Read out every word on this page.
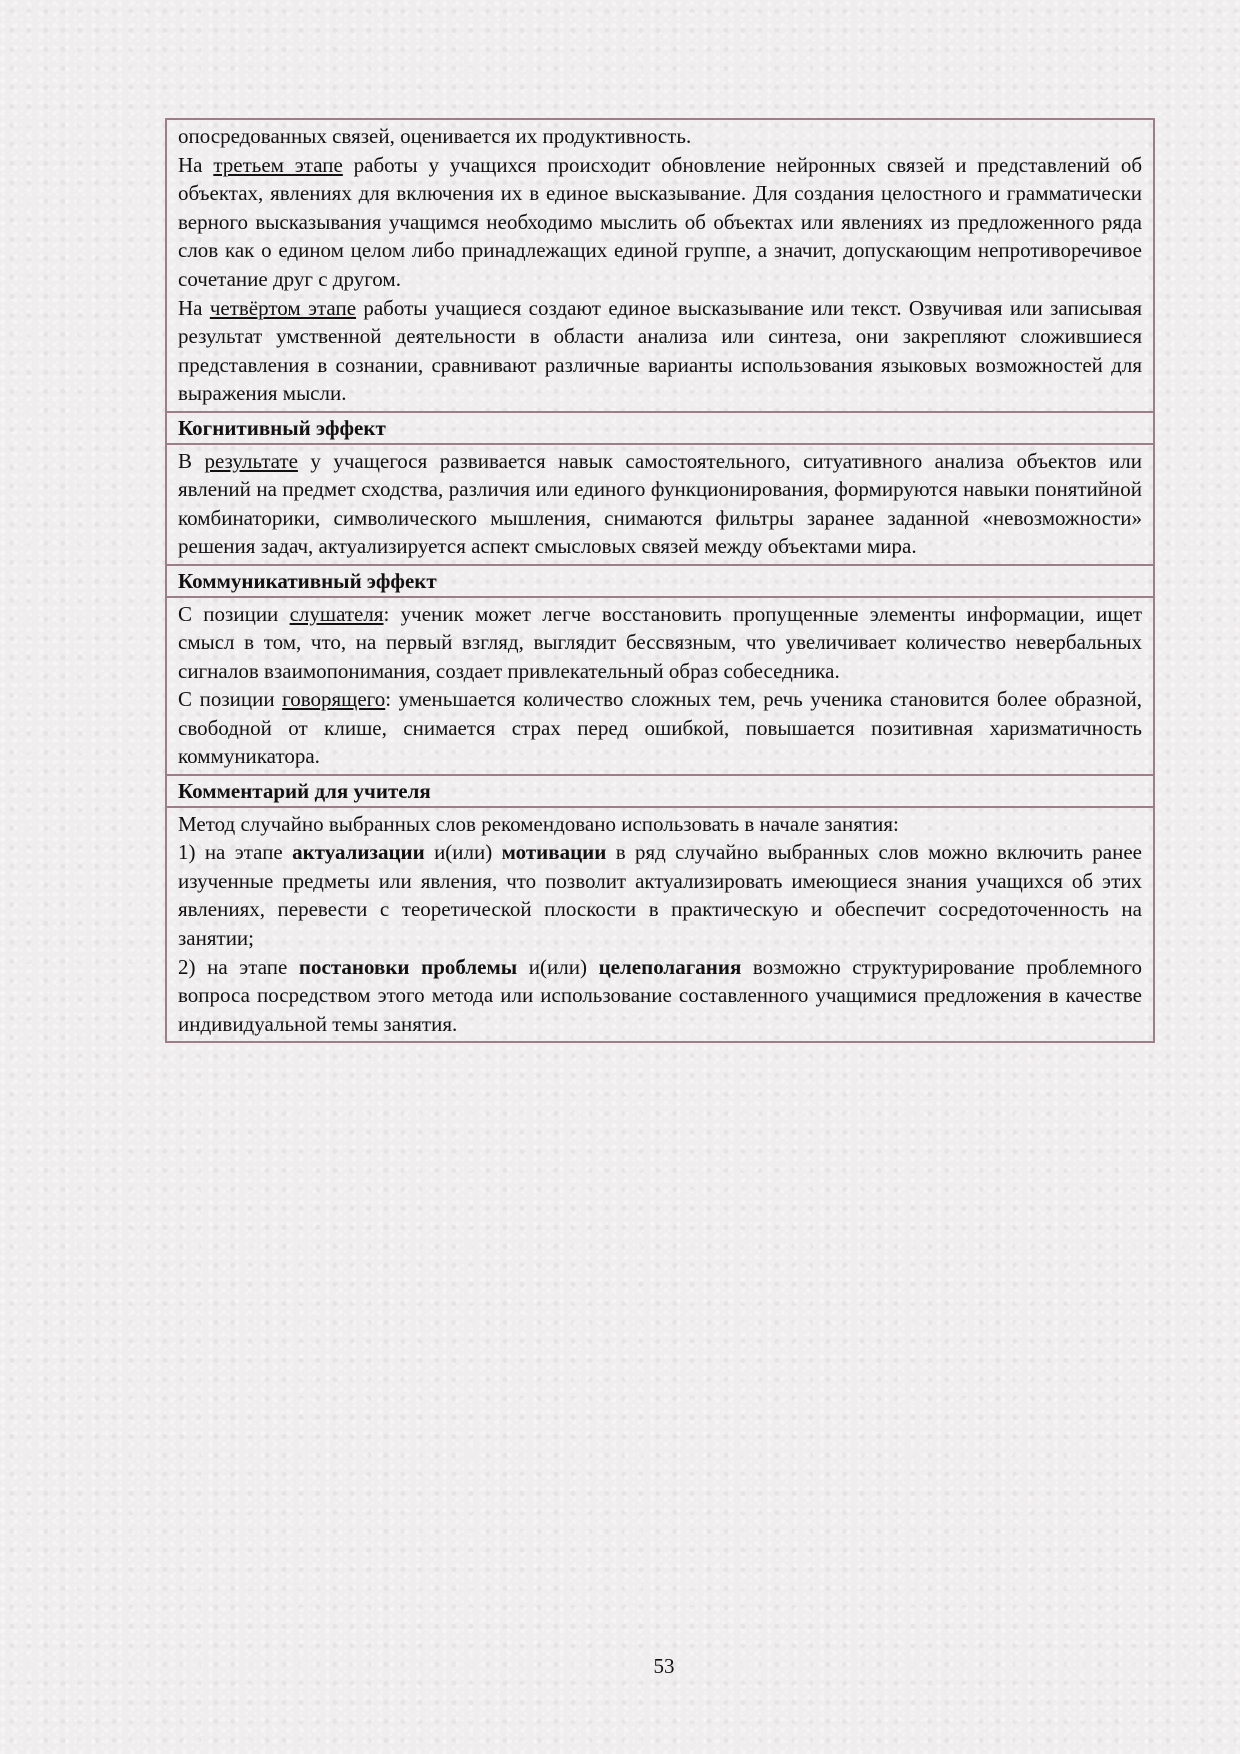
опосредованных связей, оценивается их продуктивность.

На третьем этапе работы у учащихся происходит обновление нейронных связей и представлений об объектах, явлениях для включения их в единое высказывание. Для создания целостного и грамматически верного высказывания учащимся необходимо мыслить об объектах или явлениях из предложенного ряда слов как о едином целом либо принадлежащих единой группе, а значит, допускающим непротиворечивое сочетание друг с другом.

На четвёртом этапе работы учащиеся создают единое высказывание или текст. Озвучивая или записывая результат умственной деятельности в области анализа или синтеза, они закрепляют сложившиеся представления в сознании, сравнивают различные варианты использования языковых возможностей для выражения мысли.

Когнитивный эффект

В результате у учащегося развивается навык самостоятельного, ситуативного анализа объектов или явлений на предмет сходства, различия или единого функционирования, формируются навыки понятийной комбинаторики, символического мышления, снимаются фильтры заранее заданной «невозможности» решения задач, актуализируется аспект смысловых связей между объектами мира.

Коммуникативный эффект

С позиции слушателя: ученик может легче восстановить пропущенные элементы информации, ищет смысл в том, что, на первый взгляд, выглядит бессвязным, что увеличивает количество невербальных сигналов взаимопонимания, создает привлекательный образ собеседника.

С позиции говорящего: уменьшается количество сложных тем, речь ученика становится более образной, свободной от клише, снимается страх перед ошибкой, повышается позитивная харизматичность коммуникатора.

Комментарий для учителя

Метод случайно выбранных слов рекомендовано использовать в начале занятия:
1) на этапе актуализации и(или) мотивации в ряд случайно выбранных слов можно включить ранее изученные предметы или явления, что позволит актуализировать имеющиеся знания учащихся об этих явлениях, перевести с теоретической плоскости в практическую и обеспечит сосредоточенность на занятии;

2) на этапе постановки проблемы и(или) целеполагания возможно структурирование проблемного вопроса посредством этого метода или использование составленного учащимися предложения в качестве индивидуальной темы занятия.

53
